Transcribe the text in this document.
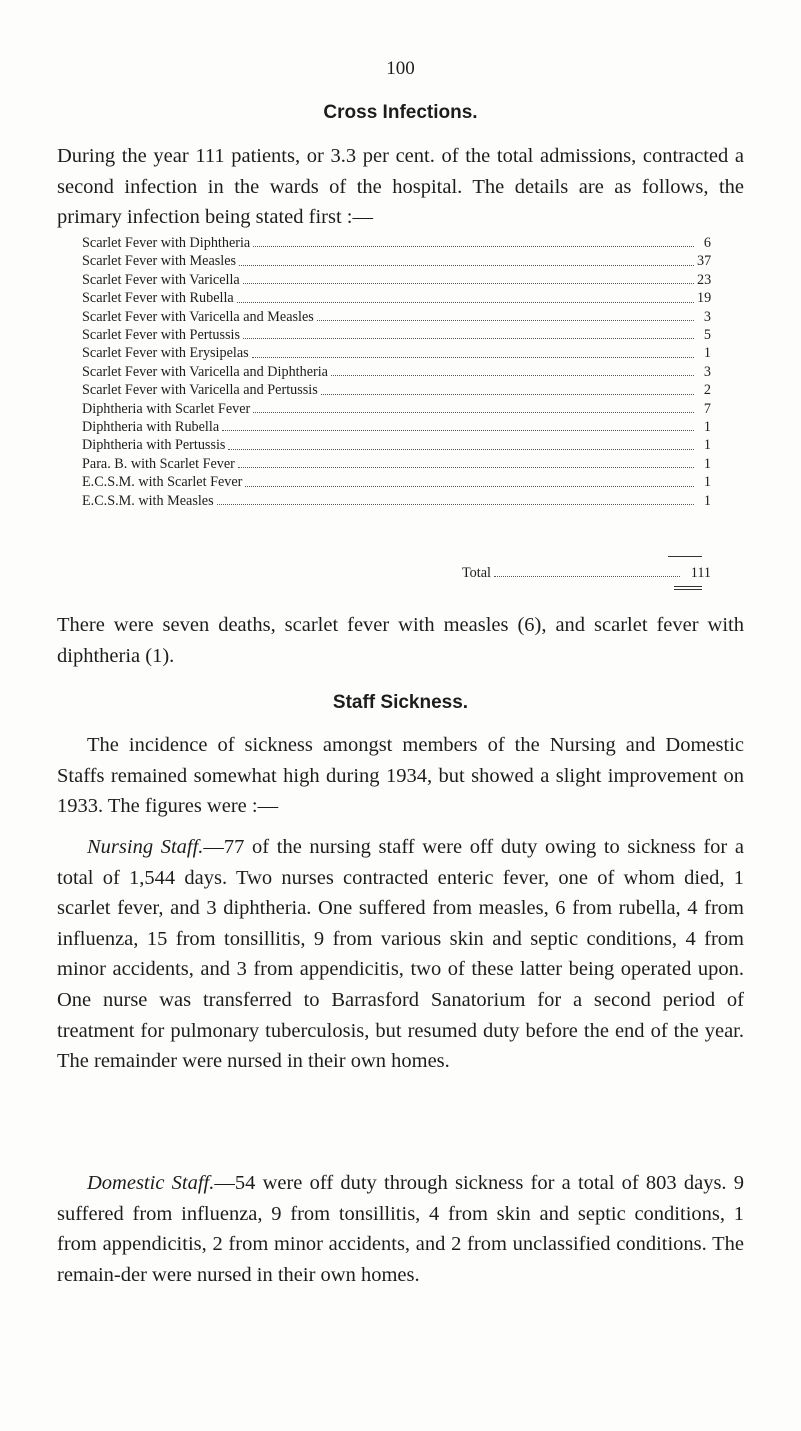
100
Cross Infections.

During the year 111 patients, or 3.3 per cent. of the total admissions, contracted a second infection in the wards of the hospital. The details are as follows, the primary infection being stated first :—

Scarlet Fever with Diphtheria	6
Scarlet Fever with Measles	37
Scarlet Fever with Varicella	23
Scarlet Fever with Rubella	19
Scarlet Fever with Varicella and Measles	3
Scarlet Fever with Pertussis	5
Scarlet Fever with Erysipelas	1
Scarlet Fever with Varicella and Diphtheria	3
Scarlet Fever with Varicella and Pertussis	2
Diphtheria with Scarlet Fever	7
Diphtheria with Rubella	1
Diphtheria with Pertussis	1
Para. B. with Scarlet Fever	1
E.C.S.M. with Scarlet Fever	1
E.C.S.M. with Measles	1
Total	111

There were seven deaths, scarlet fever with measles (6), and scarlet fever with diphtheria (1).

Staff Sickness.

The incidence of sickness amongst members of the Nursing and Domestic Staffs remained somewhat high during 1934, but showed a slight improvement on 1933. The figures were :—

Nursing Staff.—77 of the nursing staff were off duty owing to sickness for a total of 1,544 days. Two nurses contracted enteric fever, one of whom died, 1 scarlet fever, and 3 diphtheria. One suffered from measles, 6 from rubella, 4 from influenza, 15 from tonsillitis, 9 from various skin and septic conditions, 4 from minor accidents, and 3 from appendicitis, two of these latter being operated upon. One nurse was transferred to Barrasford Sanatorium for a second period of treatment for pulmonary tuberculosis, but resumed duty before the end of the year. The remainder were nursed in their own homes.

Domestic Staff.—54 were off duty through sickness for a total of 803 days. 9 suffered from influenza, 9 from tonsillitis, 4 from skin and septic conditions, 1 from appendicitis, 2 from minor accidents, and 2 from unclassified conditions. The remain-der were nursed in their own homes.
